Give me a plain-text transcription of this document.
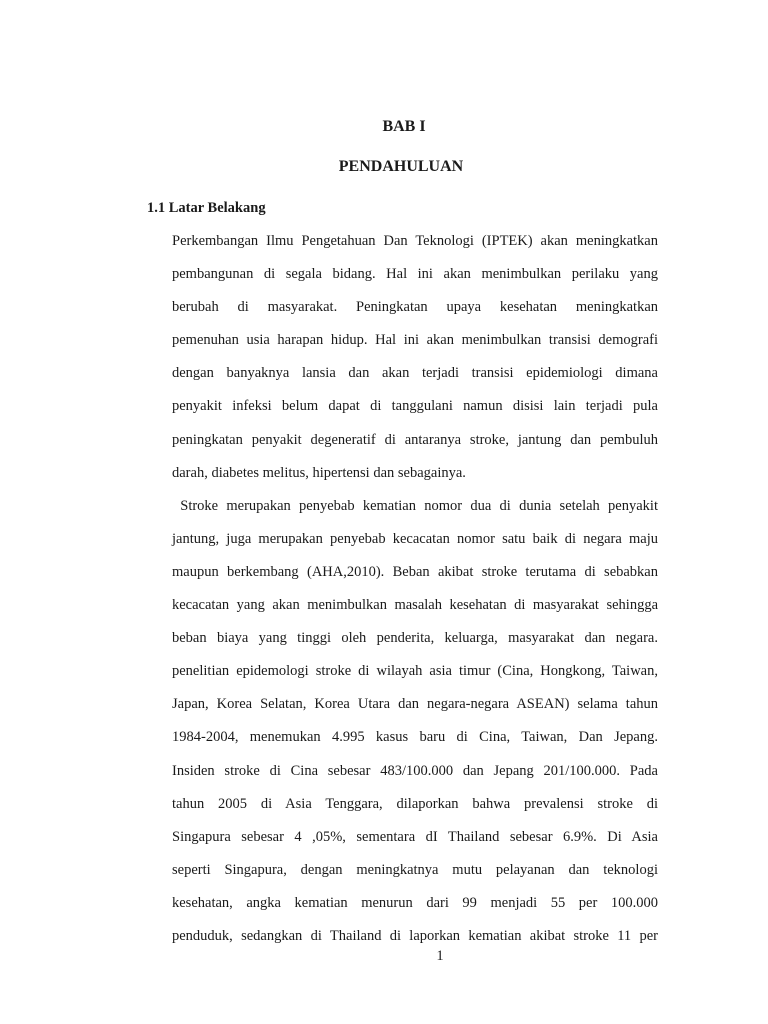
BAB I
PENDAHULUAN
1.1 Latar Belakang
Perkembangan Ilmu Pengetahuan Dan Teknologi (IPTEK) akan meningkatkan
pembangunan di segala bidang. Hal ini akan menimbulkan perilaku yang
berubah di masyarakat. Peningkatan upaya kesehatan meningkatkan
pemenuhan usia harapan hidup. Hal ini akan menimbulkan transisi demografi
dengan banyaknya lansia dan akan terjadi transisi epidemiologi dimana
penyakit infeksi belum dapat di tanggulani namun disisi lain terjadi pula
peningkatan penyakit degeneratif di antaranya stroke, jantung dan pembuluh
darah, diabetes melitus, hipertensi dan sebagainya.
Stroke merupakan penyebab kematian nomor dua di dunia setelah penyakit
jantung, juga merupakan penyebab kecacatan nomor satu baik di negara maju
maupun berkembang (AHA,2010). Beban akibat stroke terutama di sebabkan
kecacatan yang akan menimbulkan masalah kesehatan di masyarakat sehingga
beban biaya yang tinggi oleh penderita, keluarga, masyarakat dan negara.
penelitian epidemologi stroke di wilayah asia timur (Cina, Hongkong, Taiwan,
Japan, Korea Selatan, Korea Utara dan negara-negara ASEAN) selama tahun
1984-2004, menemukan 4.995 kasus baru di Cina, Taiwan, Dan Jepang.
Insiden stroke di Cina sebesar 483/100.000 dan Jepang 201/100.000. Pada
tahun 2005 di Asia Tenggara, dilaporkan bahwa prevalensi stroke di
Singapura sebesar 4 ,05%, sementara dI Thailand sebesar 6.9%. Di Asia
seperti Singapura, dengan meningkatnya mutu pelayanan dan teknologi
kesehatan, angka kematian menurun dari 99 menjadi 55 per 100.000
penduduk, sedangkan di Thailand di laporkan kematian akibat stroke 11 per
1
